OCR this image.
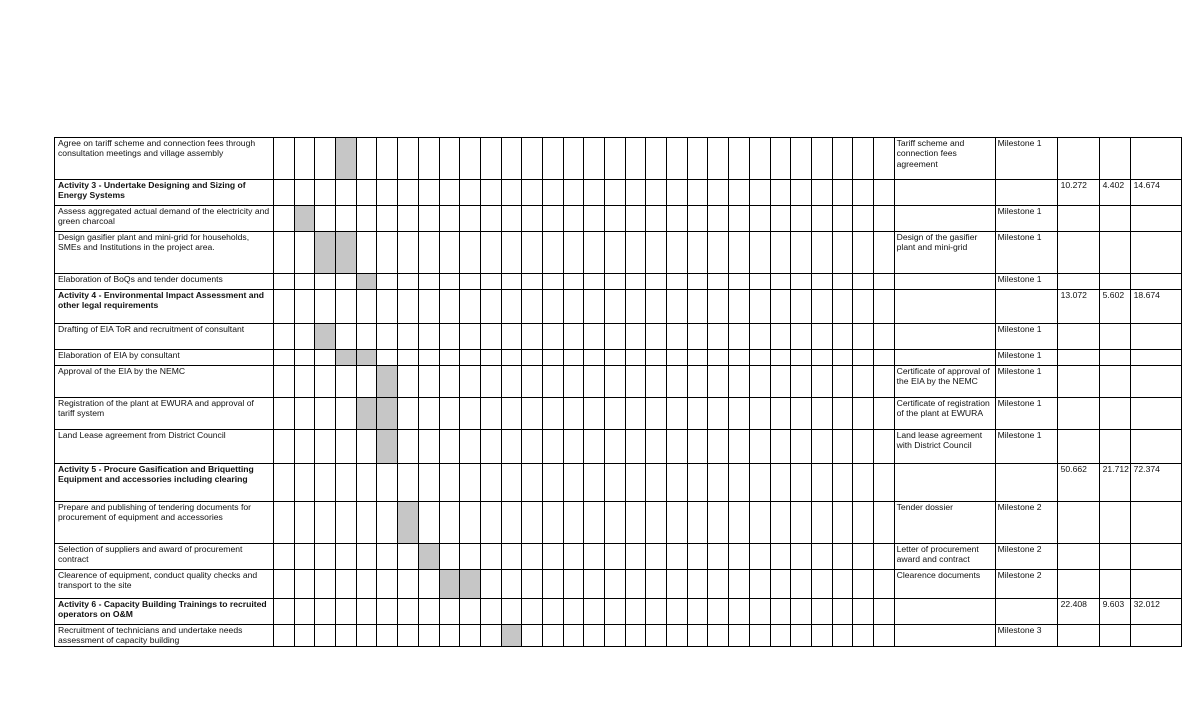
Agree on tariff scheme and connection fees through consultation meetings and village assembly																															Tariff scheme and connection fees agreement	Milestone 1			
Activity 3 - Undertake Designing and Sizing of Energy Systems																																	10.272	4.402	14.674
Assess aggregated actual demand of the electricity and green charcoal																																Milestone 1			
Design gasifier plant and mini-grid for households, SMEs and Institutions in the project area.																															Design of the gasifier plant and mini-grid	Milestone 1			
Elaboration of BoQs and tender documents																																Milestone 1			
Activity 4 - Environmental Impact Assessment and other legal requirements																																	13.072	5.602	18.674
Drafting of EIA ToR and recruitment of consultant																																Milestone 1			
Elaboration of EIA by consultant																																Milestone 1			
Approval of the EIA by the NEMC																															Certificate of approval of the EIA by the NEMC	Milestone 1			
Registration of the plant at EWURA and approval of tariff system																															Certificate of registration of the plant at EWURA	Milestone 1			
Land Lease agreement from District Council																															Land lease agreement with District Council	Milestone 1			
Activity 5 - Procure Gasification and Briquetting Equipment and accessories including clearing																																	50.662	21.712	72.374
Prepare and publishing of tendering documents for procurement of equipment and accessories																															Tender dossier	Milestone 2			
Selection of suppliers and award of procurement contract																															Letter of procurement award and contract	Milestone 2			
Clearence of equipment, conduct quality checks and transport to the site																															Clearence documents	Milestone 2			
Activity 6 - Capacity Building Trainings to recruited operators on O&M																																	22.408	9.603	32.012
Recruitment of technicians and undertake needs assessment of capacity building																																Milestone 3			
